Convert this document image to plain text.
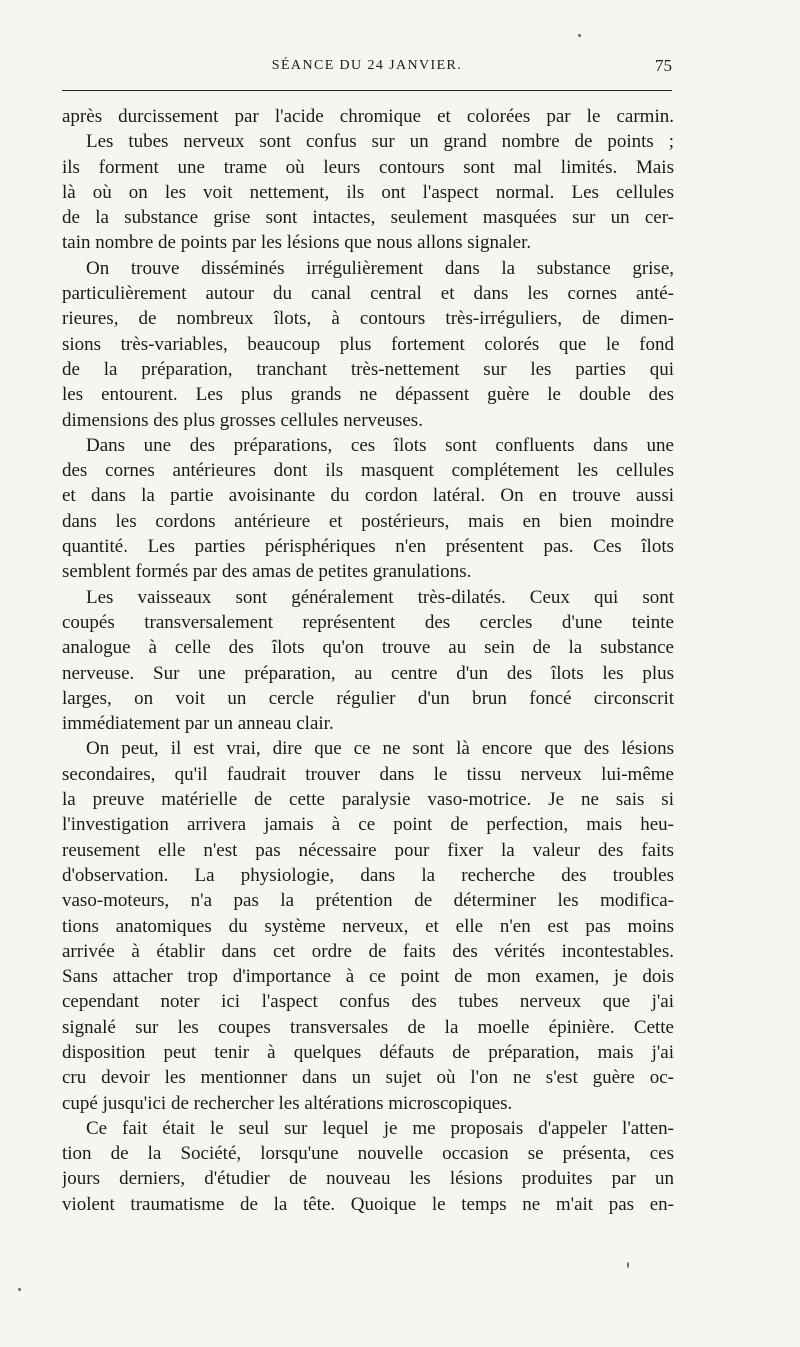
SÉANCE DU 24 JANVIER.	75
après durcissement par l'acide chromique et colorées par le carmin.
Les tubes nerveux sont confus sur un grand nombre de points ;
ils forment une trame où leurs contours sont mal limités. Mais
là où on les voit nettement, ils ont l'aspect normal. Les cellules
de la substance grise sont intactes, seulement masquées sur un cer-
tain nombre de points par les lésions que nous allons signaler.
On trouve disséminés irrégulièrement dans la substance grise,
particulièrement autour du canal central et dans les cornes anté-
rieures, de nombreux îlots, à contours très-irréguliers, de dimen-
sions très-variables, beaucoup plus fortement colorés que le fond
de la préparation, tranchant très-nettement sur les parties qui
les entourent. Les plus grands ne dépassent guère le double des
dimensions des plus grosses cellules nerveuses.
Dans une des préparations, ces îlots sont confluents dans une
des cornes antérieures dont ils masquent complétement les cellules
et dans la partie avoisinante du cordon latéral. On en trouve aussi
dans les cordons antérieure et postérieurs, mais en bien moindre
quantité. Les parties périsphériques n'en présentent pas. Ces îlots
semblent formés par des amas de petites granulations.
Les vaisseaux sont généralement très-dilatés. Ceux qui sont
coupés transversalement représentent des cercles d'une teinte
analogue à celle des îlots qu'on trouve au sein de la substance
nerveuse. Sur une préparation, au centre d'un des îlots les plus
larges, on voit un cercle régulier d'un brun foncé circonscrit
immédiatement par un anneau clair.
On peut, il est vrai, dire que ce ne sont là encore que des lésions
secondaires, qu'il faudrait trouver dans le tissu nerveux lui-même
la preuve matérielle de cette paralysie vaso-motrice. Je ne sais si
l'investigation arrivera jamais à ce point de perfection, mais heu-
reusement elle n'est pas nécessaire pour fixer la valeur des faits
d'observation. La physiologie, dans la recherche des troubles
vaso-moteurs, n'a pas la prétention de déterminer les modifica-
tions anatomiques du système nerveux, et elle n'en est pas moins
arrivée à établir dans cet ordre de faits des vérités incontestables.
Sans attacher trop d'importance à ce point de mon examen, je dois
cependant noter ici l'aspect confus des tubes nerveux que j'ai
signalé sur les coupes transversales de la moelle épinière. Cette
disposition peut tenir à quelques défauts de préparation, mais j'ai
cru devoir les mentionner dans un sujet où l'on ne s'est guère oc-
cupé jusqu'ici de rechercher les altérations microscopiques.
Ce fait était le seul sur lequel je me proposais d'appeler l'atten-
tion de la Société, lorsqu'une nouvelle occasion se présenta, ces
jours derniers, d'étudier de nouveau les lésions produites par un
violent traumatisme de la tête. Quoique le temps ne m'ait pas en-
